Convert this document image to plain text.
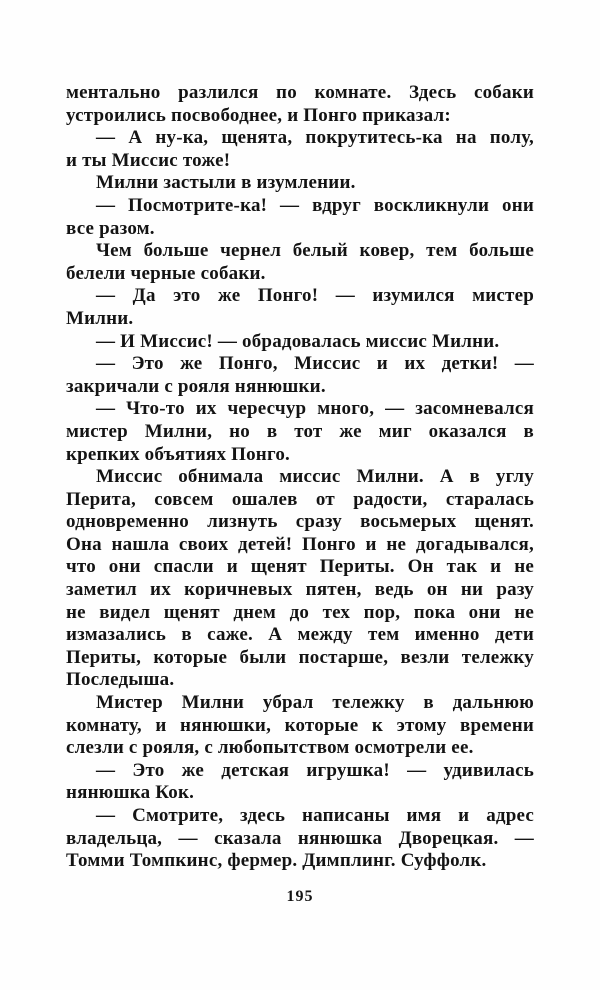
ментально разлился по комнате. Здесь собаки
устроились посвободнее, и Понго приказал:
— А ну-ка, щенята, покрутитесь-ка на полу,
и ты Миссис тоже!
Милни застыли в изумлении.
— Посмотрите-ка! — вдруг воскликнули они
все разом.
Чем больше чернел белый ковер, тем больше
белели черные собаки.
— Да это же Понго! — изумился мистер
Милни.
— И Миссис! — обрадовалась миссис Милни.
— Это же Понго, Миссис и их детки! —
закричали с рояля нянюшки.
— Что-то их чересчур много, — засомневался
мистер Милни, но в тот же миг оказался в
крепких объятиях Понго.
Миссис обнимала миссис Милни. А в углу
Перита, совсем ошалев от радости, старалась
одновременно лизнуть сразу восьмерых щенят.
Она нашла своих детей! Понго и не догадывался,
что они спасли и щенят Периты. Он так и не
заметил их коричневых пятен, ведь он ни разу
не видел щенят днем до тех пор, пока они не
измазались в саже. А между тем именно дети
Периты, которые были постарше, везли тележку
Последыша.
Мистер Милни убрал тележку в дальнюю
комнату, и нянюшки, которые к этому времени
слезли с рояля, с любопытством осмотрели ее.
— Это же детская игрушка! — удивилась
нянюшка Кок.
— Смотрите, здесь написаны имя и адрес
владельца, — сказала нянюшка Дворецкая. —
Томми Томпкинс, фермер. Димплинг. Суффолк.
195
